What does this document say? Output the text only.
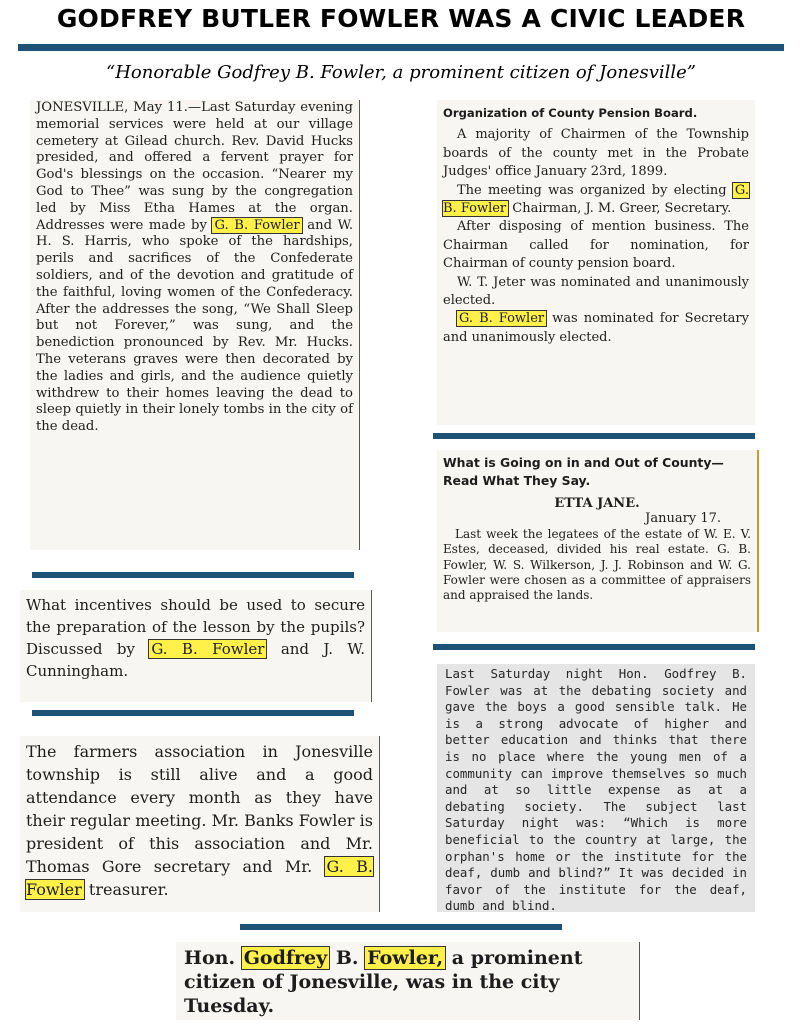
GODFREY BUTLER FOWLER WAS A CIVIC LEADER
“Honorable Godfrey B. Fowler, a prominent citizen of Jonesville”

JONESVILLE, May 11.—Last Saturday evening memorial services were held at our village cemetery at Gilead church. Rev. David Hucks presided, and offered a fervent prayer for God's blessings on the occasion. “Nearer my God to Thee” was sung by the congregation led by Miss Etha Hames at the organ. Addresses were made by G. B. Fowler and W. H. S. Harris, who spoke of the hardships, perils and sacrifices of the Confederate soldiers, and of the devotion and gratitude of the faithful, loving women of the Confederacy. After the addresses the song, “We Shall Sleep but not Forever,” was sung, and the benediction pronounced by Rev. Mr. Hucks. The veterans graves were then decorated by the ladies and girls, and the audience quietly withdrew to their homes leaving the dead to sleep quietly in their lonely tombs in the city of the dead.

Organization of County Pension Board.

A majority of Chairmen of the Township boards of the county met in the Probate Judges' office January 23rd, 1899.

The meeting was organized by electing G. B. Fowler Chairman, J. M. Greer, Secretary.

After disposing of mention business. The Chairman called for nomination, for Chairman of county pension board.

W. T. Jeter was nominated and unanimously elected.

G. B. Fowler was nominated for Secretary and unanimously elected.

What is Going on in and Out of County—Read What They Say.

ETTA JANE.

January 17.

Last week the legatees of the estate of W. E. V. Estes, deceased, divided his real estate. G. B. Fowler, W. S. Wilkerson, J. J. Robinson and W. G. Fowler were chosen as a committee of appraisers and appraised the lands.

What incentives should be used to secure the preparation of the lesson by the pupils? Discussed by G. B. Fowler and J. W. Cunningham.	Last Saturday night Hon. Godfrey B. Fowler was at the debating society and gave the boys a good sensible talk. He is a strong advocate of higher and better education and thinks that there is no place where the young men of a community can improve themselves so much and at so little expense as at a debating society. The subject last Saturday night was: “Which is more beneficial to the country at large, the orphan's home or the institute for the deaf, dumb and blind?” It was decided in favor of the institute for the deaf, dumb and blind.

The farmers association in Jonesville township is still alive and a good attendance every month as they have their regular meeting. Mr. Banks Fowler is president of this association and Mr. Thomas Gore secretary and Mr. G. B. Fowler treasurer.

Hon. Godfrey B. Fowler, a prominent citizen of Jonesville, was in the city Tuesday.
